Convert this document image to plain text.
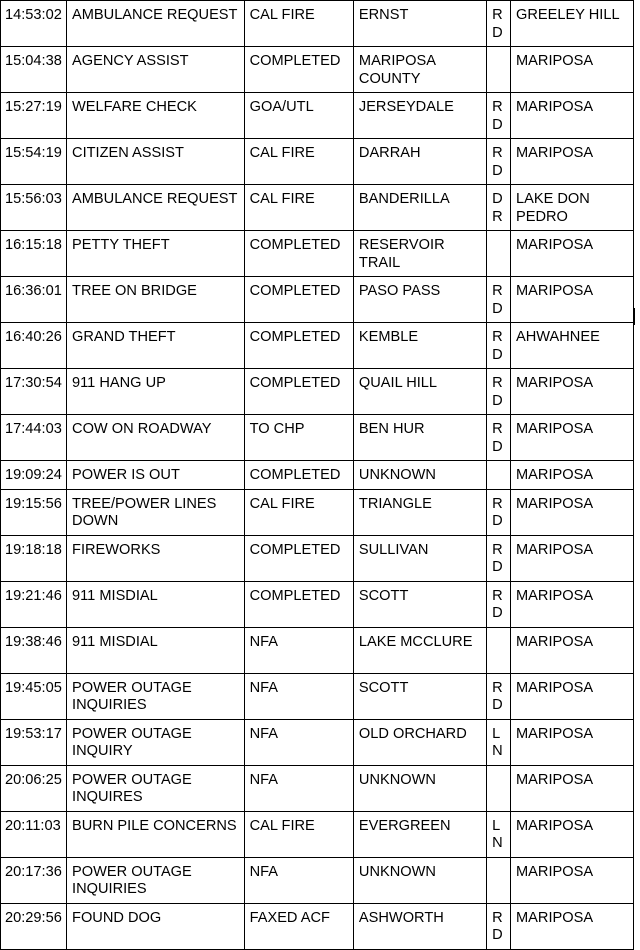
14:53:02	AMBULANCE REQUEST	CAL FIRE	ERNST	RD	GREELEY HILL
15:04:38	AGENCY ASSIST	COMPLETED	MARIPOSA COUNTY		MARIPOSA
15:27:19	WELFARE CHECK	GOA/UTL	JERSEYDALE	RD	MARIPOSA
15:54:19	CITIZEN ASSIST	CAL FIRE	DARRAH	RD	MARIPOSA
15:56:03	AMBULANCE REQUEST	CAL FIRE	BANDERILLA	DR	LAKE DON PEDRO
16:15:18	PETTY THEFT	COMPLETED	RESERVOIR TRAIL		MARIPOSA
16:36:01	TREE ON BRIDGE	COMPLETED	PASO PASS	RD	MARIPOSA
16:40:26	GRAND THEFT	COMPLETED	KEMBLE	RD	AHWAHNEE
17:30:54	911 HANG UP	COMPLETED	QUAIL HILL	RD	MARIPOSA
17:44:03	COW ON ROADWAY	TO CHP	BEN HUR	RD	MARIPOSA
19:09:24	POWER IS OUT	COMPLETED	UNKNOWN		MARIPOSA
19:15:56	TREE/POWER LINES DOWN	CAL FIRE	TRIANGLE	RD	MARIPOSA
19:18:18	FIREWORKS	COMPLETED	SULLIVAN	RD	MARIPOSA
19:21:46	911 MISDIAL	COMPLETED	SCOTT	RD	MARIPOSA
19:38:46	911 MISDIAL	NFA	LAKE MCCLURE		MARIPOSA
19:45:05	POWER OUTAGE INQUIRIES	NFA	SCOTT	RD	MARIPOSA
19:53:17	POWER OUTAGE INQUIRY	NFA	OLD ORCHARD	LN	MARIPOSA
20:06:25	POWER OUTAGE INQUIRES	NFA	UNKNOWN		MARIPOSA
20:11:03	BURN PILE CONCERNS	CAL FIRE	EVERGREEN	LN	MARIPOSA
20:17:36	POWER OUTAGE INQUIRIES	NFA	UNKNOWN		MARIPOSA
20:29:56	FOUND DOG	FAXED ACF	ASHWORTH	RD	MARIPOSA
